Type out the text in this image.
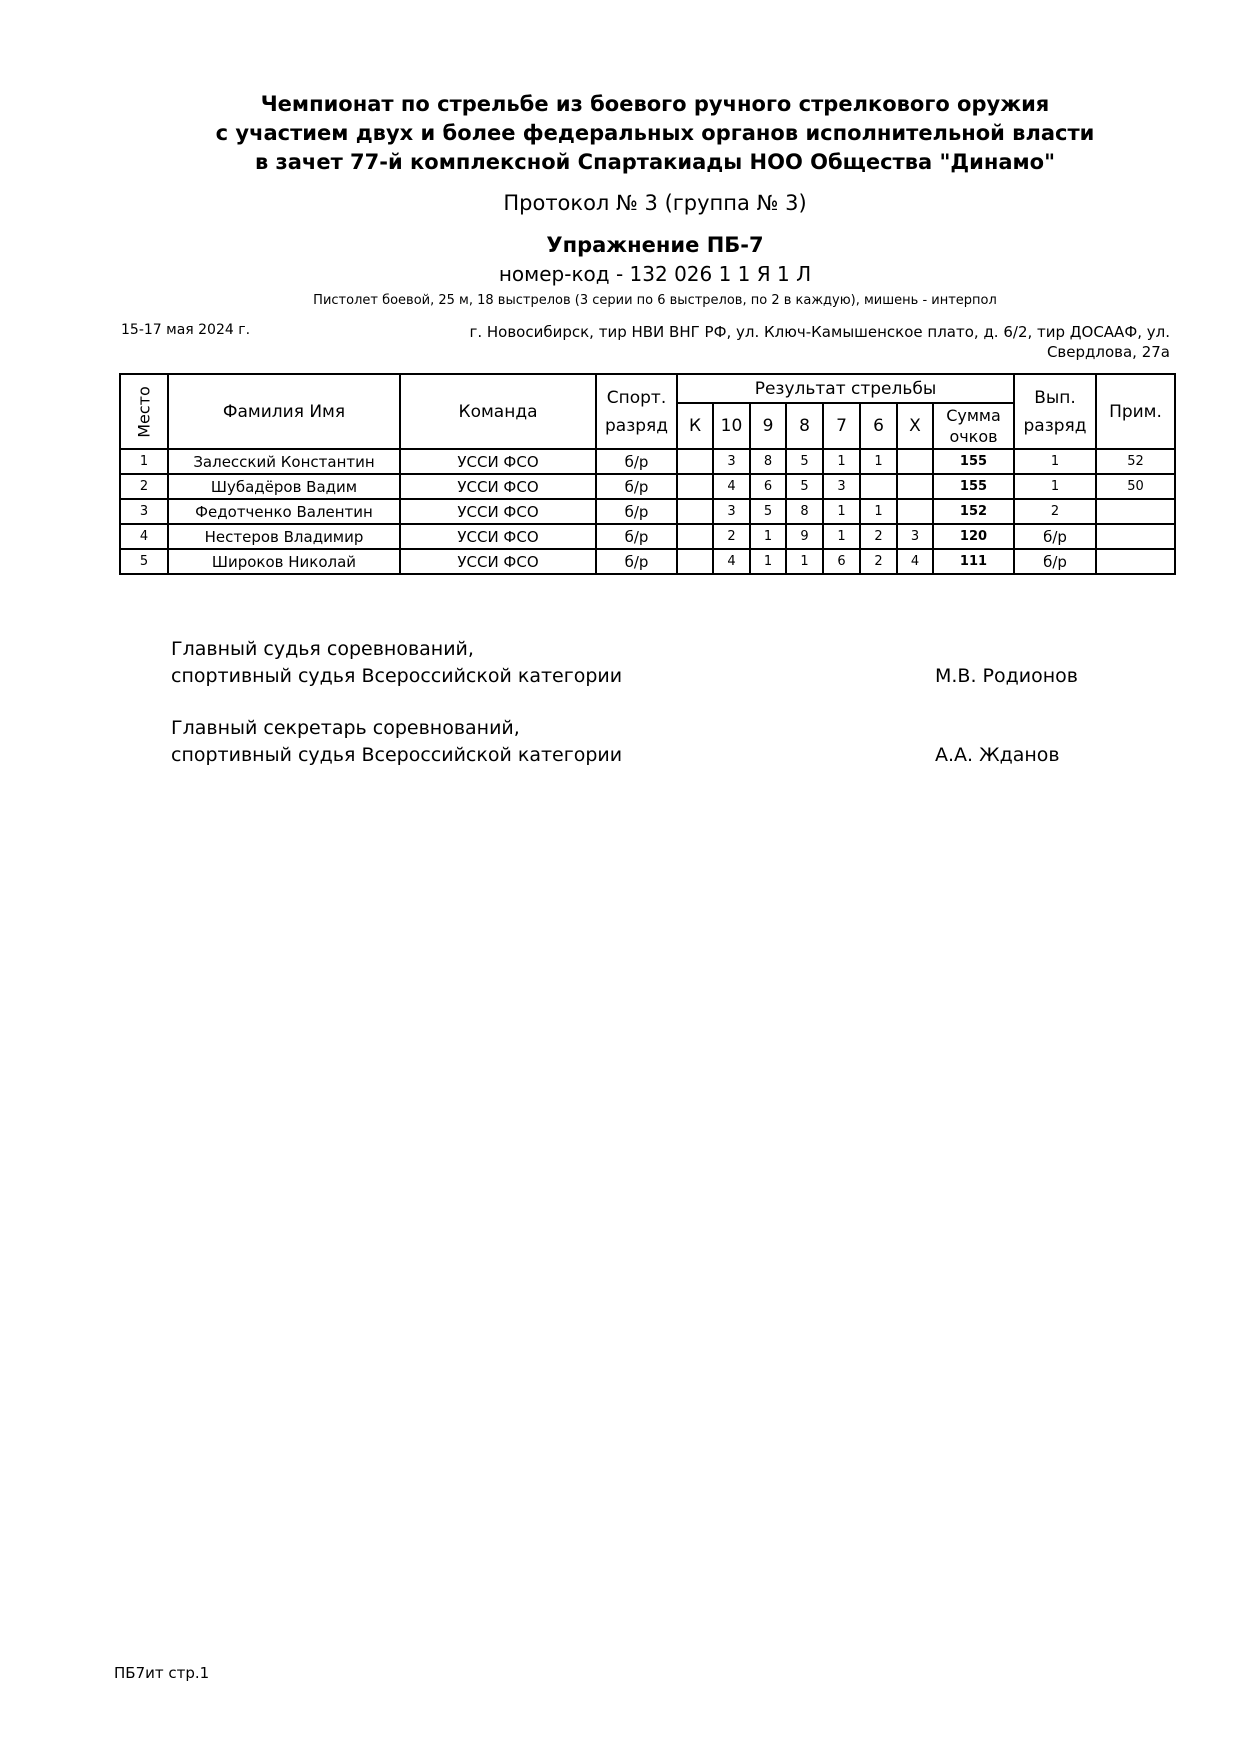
Чемпионат по стрельбе из боевого ручного стрелкового оружия
с участием двух и более федеральных органов исполнительной власти
в зачет 77-й комплексной Спартакиады НОО Общества "Динамо"
Протокол № 3 (группа № 3)
Упражнение ПБ-7
номер-код - 132 026 1 1 Я 1 Л
Пистолет боевой, 25 м, 18 выстрелов (3 серии по 6 выстрелов, по 2 в каждую), мишень - интерпол
15-17 мая 2024 г.	г. Новосибирск, тир НВИ ВНГ РФ, ул. Ключ-Камышенское плато, д. 6/2, тир ДОСААФ, ул.
Свердлова, 27а
Место	Фамилия Имя	Команда	Спорт. разряд	Результат стрельбы								Вып. разряд	Прим.
				К	10	9	8	7	6	X	Сумма очков		
1	Залесский Константин	УССИ ФСО	б/р		3	8	5	1	1		155	1	52
2	Шубадёров Вадим	УССИ ФСО	б/р		4	6	5	3			155	1	50
3	Федотченко Валентин	УССИ ФСО	б/р		3	5	8	1	1		152	2	
4	Нестеров Владимир	УССИ ФСО	б/р		2	1	9	1	2	3	120	б/р	
5	Широков Николай	УССИ ФСО	б/р		4	1	1	6	2	4	111	б/р	
Главный судья соревнований,
спортивный судья Всероссийской категории	М.В. Родионов
Главный секретарь соревнований,
спортивный судья Всероссийской категории	А.А. Жданов
ПБ7ит стр.1
